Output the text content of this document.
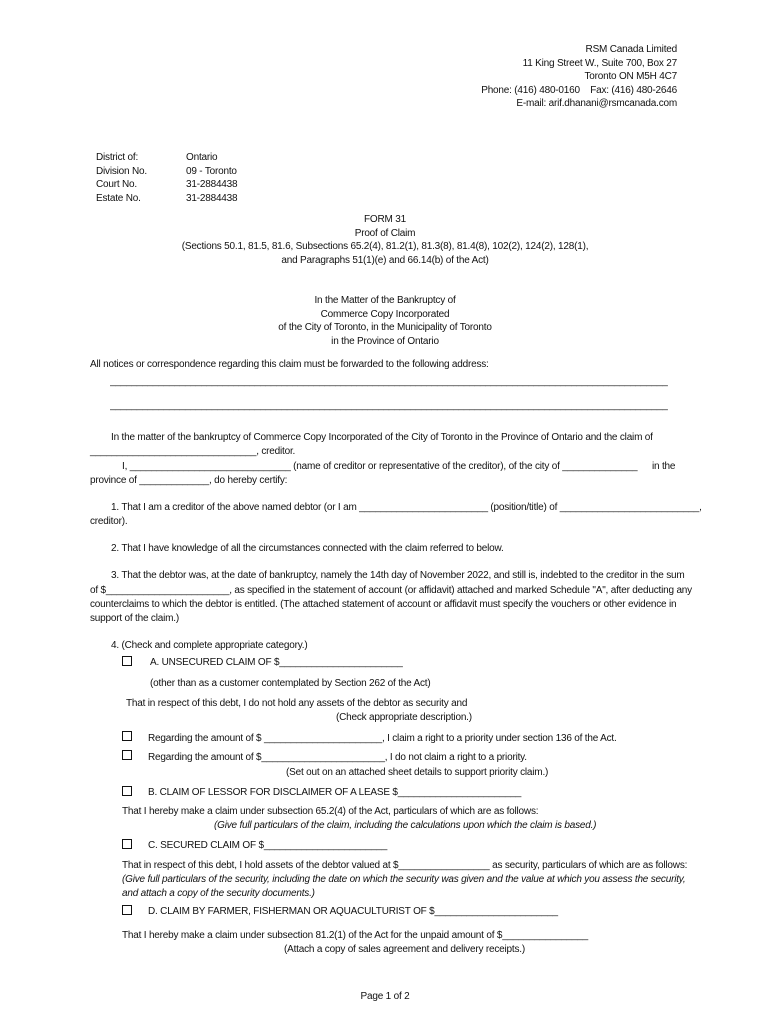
RSM Canada Limited
11 King Street W., Suite 700, Box 27
Toronto ON M5H 4C7
Phone: (416) 480-0160    Fax: (416) 480-2646
E-mail: arif.dhanani@rsmcanada.com
District of:	Ontario
Division No.	09 - Toronto
Court No.	31-2884438
Estate No.	31-2884438
FORM 31
Proof of Claim
(Sections 50.1, 81.5, 81.6, Subsections 65.2(4), 81.2(1), 81.3(8), 81.4(8), 102(2), 124(2), 128(1),
and Paragraphs 51(1)(e) and 66.14(b) of the Act)
In the Matter of the Bankruptcy of
Commerce Copy Incorporated
of the City of Toronto, in the Municipality of Toronto
in the Province of Ontario
All notices or correspondence regarding this claim must be forwarded to the following address:
________________________________________________________________________________________________________
________________________________________________________________________________________________________
In the matter of the bankruptcy of Commerce Copy Incorporated of the City of Toronto in the Province of Ontario and the claim of
_______________________________, creditor.
I, ______________________________ (name of creditor or representative of the creditor), of the city of ______________ in the
province of _____________, do hereby certify:
1. That I am a creditor of the above named debtor (or I am ________________________ (position/title) of __________________________,
creditor).
2. That I have knowledge of all the circumstances connected with the claim referred to below.
3. That the debtor was, at the date of bankruptcy, namely the 14th day of November 2022, and still is, indebted to the creditor in the sum
of $_______________________, as specified in the statement of account (or affidavit) attached and marked Schedule "A", after deducting any
counterclaims to which the debtor is entitled. (The attached statement of account or affidavit must specify the vouchers or other evidence in
support of the claim.)
4. (Check and complete appropriate category.)
A. UNSECURED CLAIM OF $_______________________
(other than as a customer contemplated by Section 262 of the Act)
That in respect of this debt, I do not hold any assets of the debtor as security and
(Check appropriate description.)
Regarding the amount of $ ______________________, I claim a right to a priority under section 136 of the Act.
Regarding the amount of $_______________________, I do not claim a right to a priority.
(Set out on an attached sheet details to support priority claim.)
B. CLAIM OF LESSOR FOR DISCLAIMER OF A LEASE $_______________________
That I hereby make a claim under subsection 65.2(4) of the Act, particulars of which are as follows:
(Give full particulars of the claim, including the calculations upon which the claim is based.)
C. SECURED CLAIM OF $_______________________
That in respect of this debt, I hold assets of the debtor valued at $_________________ as security, particulars of which are as follows:
(Give full particulars of the security, including the date on which the security was given and the value at which you assess the security,
and attach a copy of the security documents.)
D. CLAIM BY FARMER, FISHERMAN OR AQUACULTURIST OF $_______________________
That I hereby make a claim under subsection 81.2(1) of the Act for the unpaid amount of $________________
(Attach a copy of sales agreement and delivery receipts.)
Page 1 of 2
